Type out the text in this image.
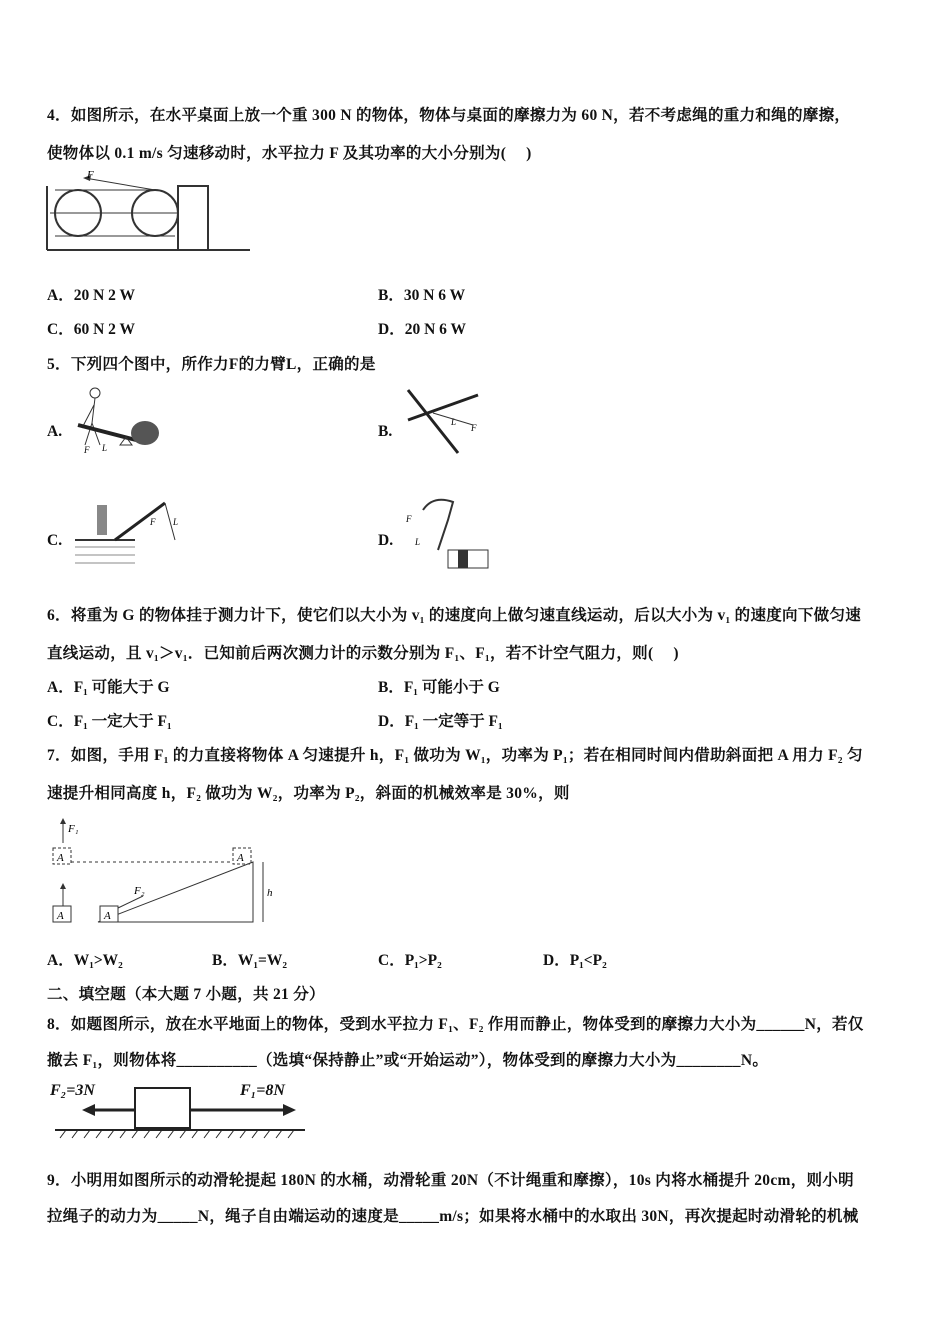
4．如图所示，在水平桌面上放一个重 300 N 的物体，物体与桌面的摩擦力为 60 N，若不考虑绳的重力和绳的摩擦，
使物体以 0.1 m/s 匀速移动时，水平拉力 F 及其功率的大小分别为(　 )
F
A．20 N 2 W	B．30 N 6 W
C．60 N 2 W	D．20 N 6 W
5．下列四个图中，所作力F的力臂L，正确的是
A.
F L
B.
L
F
C.
F L
D.
F
L
6．将重为 G 的物体挂于测力计下，使它们以大小为 v₁ 的速度向上做匀速直线运动，后以大小为 v₁ 的速度向下做匀速
直线运动，且 v₁＞v₁．已知前后两次测力计的示数分别为 F₁、F₁，若不计空气阻力，则(　 )
A．F₁ 可能大于 G	B．F₁ 可能小于 G
C．F₁ 一定大于 F₁	D．F₁ 一定等于 F₁
7．如图，手用 F₁ 的力直接将物体 A 匀速提升 h，F₁ 做功为 W₁，功率为 P₁；若在相同时间内借助斜面把 A 用力 F₂ 匀
速提升相同高度 h，F₂ 做功为 W₂，功率为 P₂，斜面的机械效率是 30%，则
F₁
A	A
A	A
F₂	h
A．W₁>W₂	B．W₁=W₂	C．P₁>P₂	D．P₁<P₂
二、填空题（本大题 7 小题，共 21 分）
8．如题图所示，放在水平地面上的物体，受到水平拉力 F₁、F₂ 作用而静止，物体受到的摩擦力大小为______N，若仅
撤去 F₁，则物体将__________（选填“保持静止”或“开始运动”），物体受到的摩擦力大小为________N。
F₂=3N	F₁=8N
9．小明用如图所示的动滑轮提起 180N 的水桶，动滑轮重 20N（不计绳重和摩擦），10s 内将水桶提升 20cm，则小明
拉绳子的动力为_____N，绳子自由端运动的速度是_____m/s；如果将水桶中的水取出 30N，再次提起时动滑轮的机械
